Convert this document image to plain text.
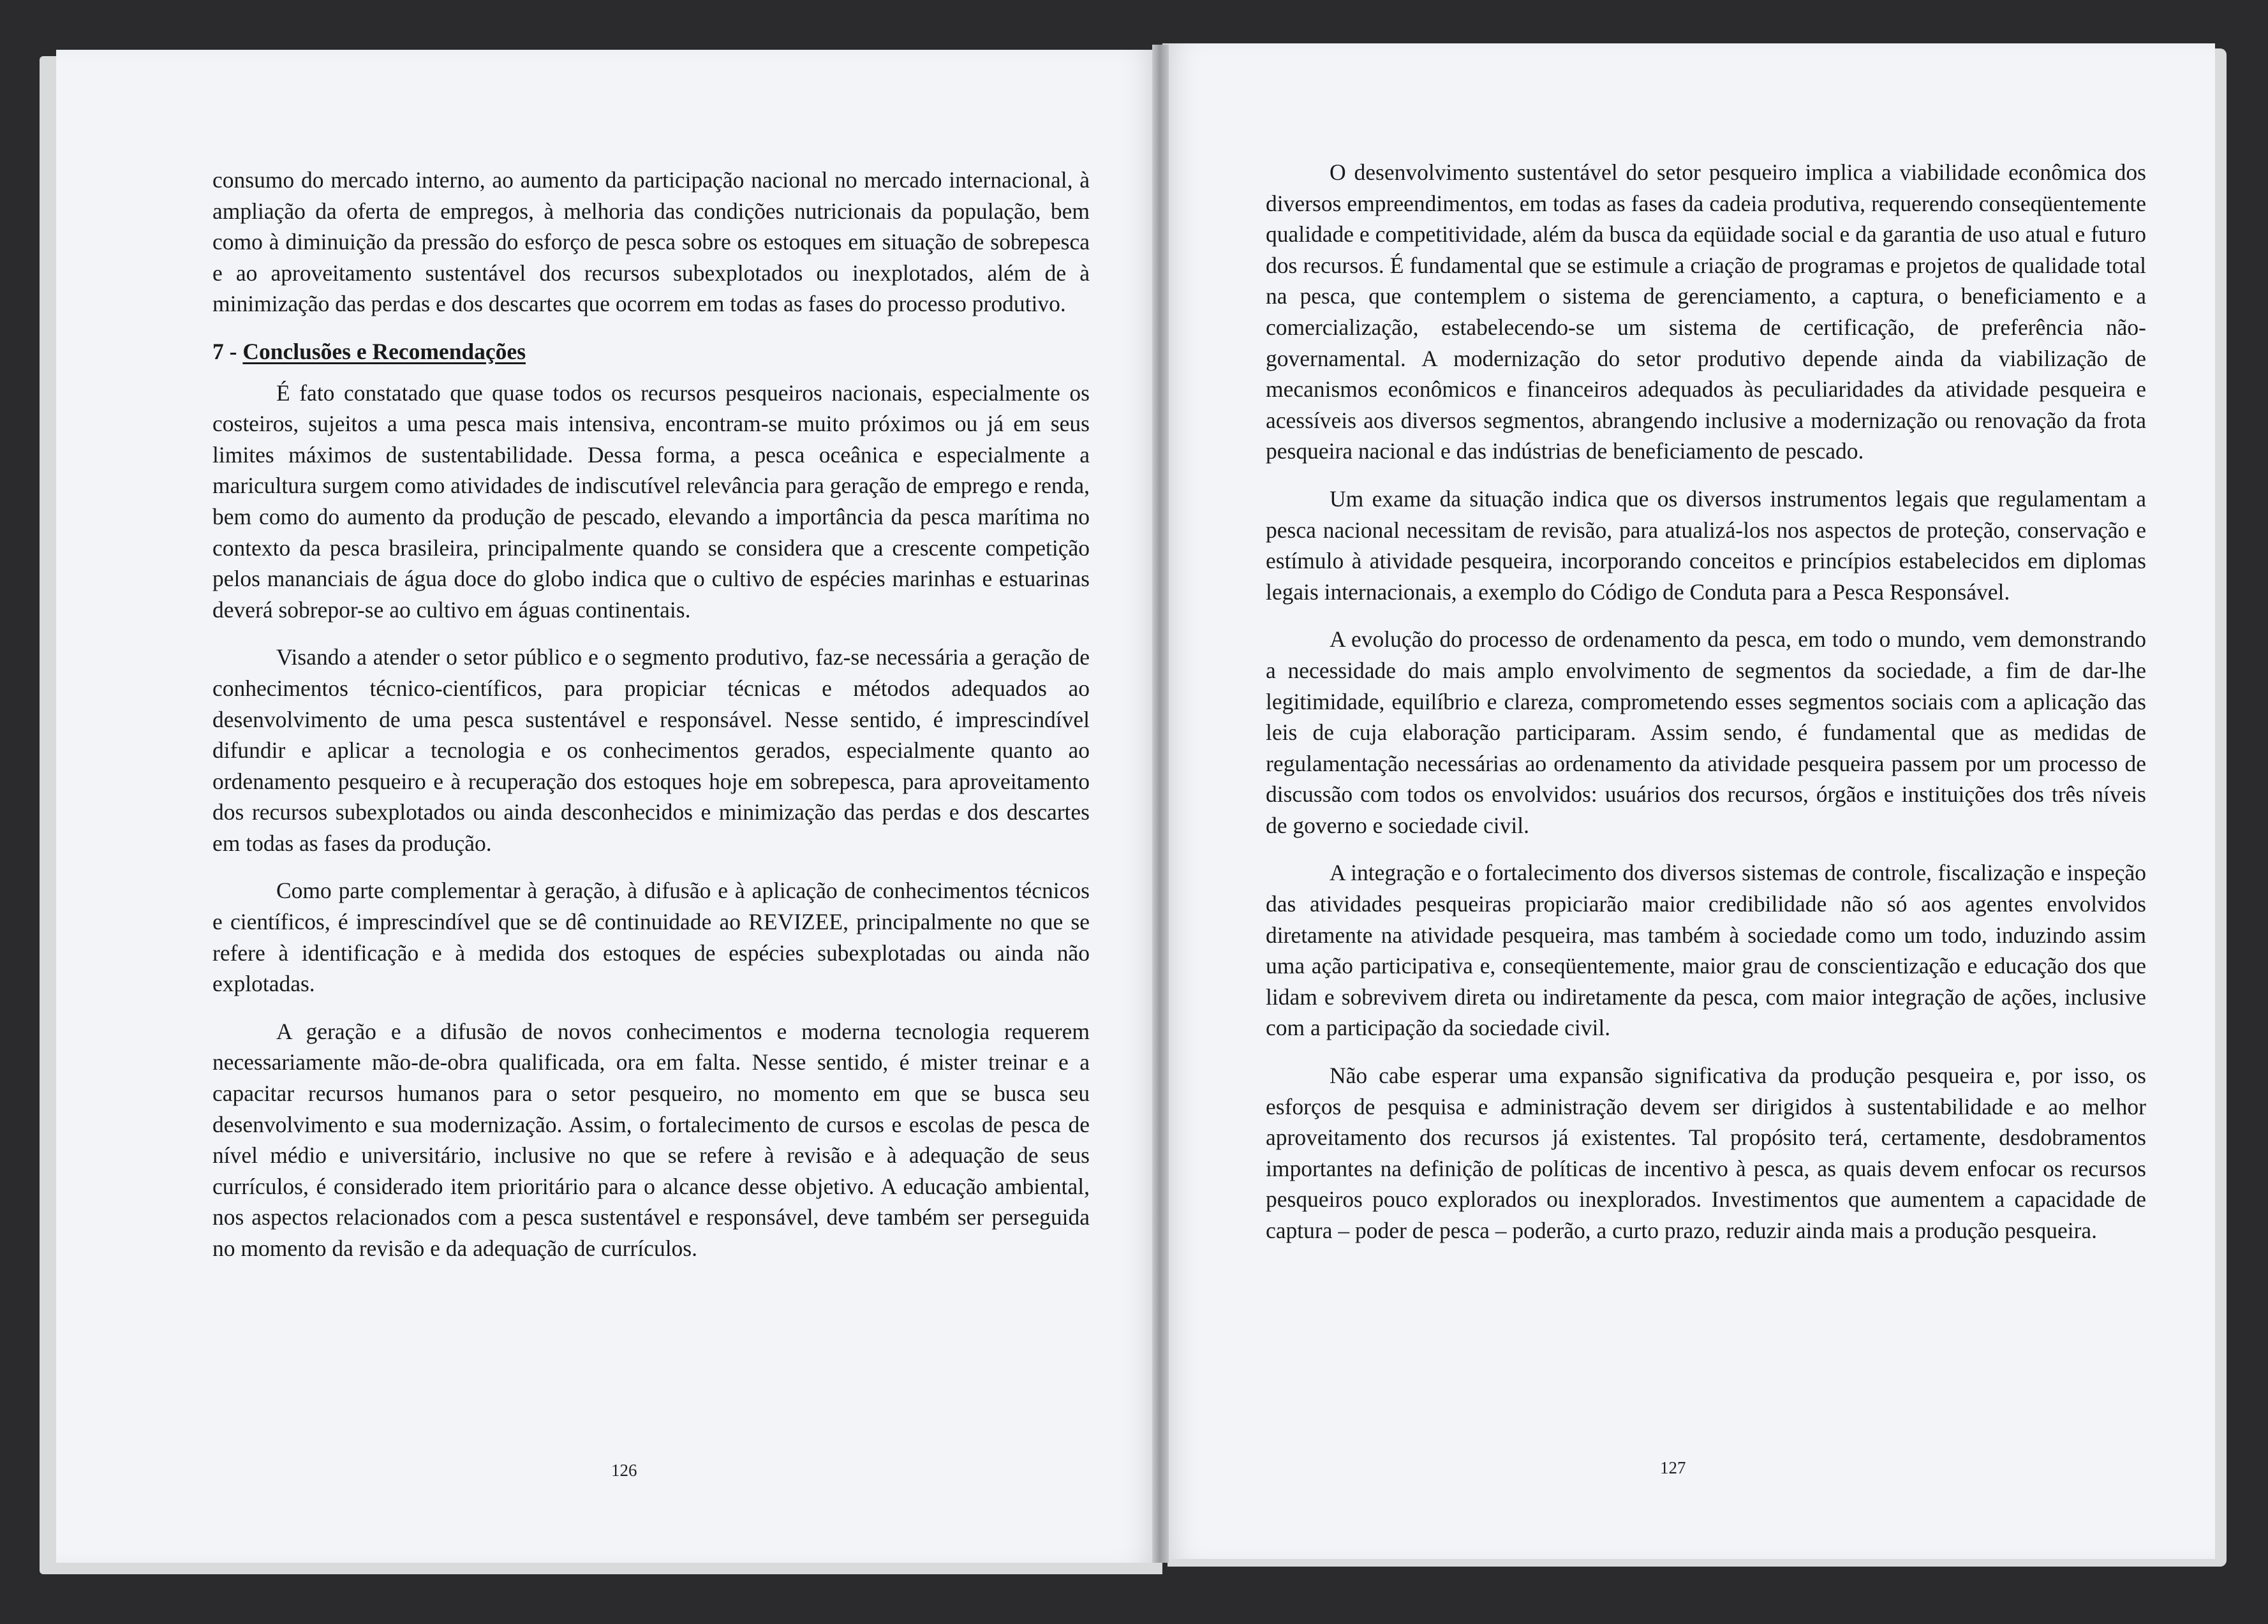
consumo do mercado interno, ao aumento da participação nacional no mercado internacional, à ampliação da oferta de empregos, à melhoria das condições nutricionais da população, bem como à diminuição da pressão do esforço de pesca sobre os estoques em situação de sobrepesca e ao aproveitamento sustentável dos recursos subexplotados ou inexplotados, além de à minimização das perdas e dos descartes que ocorrem em todas as fases do processo produtivo.

7 - Conclusões e Recomendações

É fato constatado que quase todos os recursos pesqueiros nacionais, especialmente os costeiros, sujeitos a uma pesca mais intensiva, encontram-se muito próximos ou já em seus limites máximos de sustentabilidade. Dessa forma, a pesca oceânica e especialmente a maricultura surgem como atividades de indiscutível relevância para geração de emprego e renda, bem como do aumento da produção de pescado, elevando a importância da pesca marítima no contexto da pesca brasileira, principalmente quando se considera que a crescente competição pelos mananciais de água doce do globo indica que o cultivo de espécies marinhas e estuarinas deverá sobrepor-se ao cultivo em águas continentais.

Visando a atender o setor público e o segmento produtivo, faz-se necessária a geração de conhecimentos técnico-científicos, para propiciar técnicas e métodos adequados ao desenvolvimento de uma pesca sustentável e responsável. Nesse sentido, é imprescindível difundir e aplicar a tecnologia e os conhecimentos gerados, especialmente quanto ao ordenamento pesqueiro e à recuperação dos estoques hoje em sobrepesca, para aproveitamento dos recursos subexplotados ou ainda desconhecidos e minimização das perdas e dos descartes em todas as fases da produção.

Como parte complementar à geração, à difusão e à aplicação de conhecimentos técnicos e científicos, é imprescindível que se dê continuidade ao REVIZEE, principalmente no que se refere à identificação e à medida dos estoques de espécies subexplotadas ou ainda não explotadas.

A geração e a difusão de novos conhecimentos e moderna tecnologia requerem necessariamente mão-de-obra qualificada, ora em falta. Nesse sentido, é mister treinar e a capacitar recursos humanos para o setor pesqueiro, no momento em que se busca seu desenvolvimento e sua modernização. Assim, o fortalecimento de cursos e escolas de pesca de nível médio e universitário, inclusive no que se refere à revisão e à adequação de seus currículos, é considerado item prioritário para o alcance desse objetivo. A educação ambiental, nos aspectos relacionados com a pesca sustentável e responsável, deve também ser perseguida no momento da revisão e da adequação de currículos.

126

O desenvolvimento sustentável do setor pesqueiro implica a viabilidade econômica dos diversos empreendimentos, em todas as fases da cadeia produtiva, requerendo conseqüentemente qualidade e competitividade, além da busca da eqüidade social e da garantia de uso atual e futuro dos recursos. É fundamental que se estimule a criação de programas e projetos de qualidade total na pesca, que contemplem o sistema de gerenciamento, a captura, o beneficiamento e a comercialização, estabelecendo-se um sistema de certificação, de preferência não-governamental. A modernização do setor produtivo depende ainda da viabilização de mecanismos econômicos e financeiros adequados às peculiaridades da atividade pesqueira e acessíveis aos diversos segmentos, abrangendo inclusive a modernização ou renovação da frota pesqueira nacional e das indústrias de beneficiamento de pescado.

Um exame da situação indica que os diversos instrumentos legais que regulamentam a pesca nacional necessitam de revisão, para atualizá-los nos aspectos de proteção, conservação e estímulo à atividade pesqueira, incorporando conceitos e princípios estabelecidos em diplomas legais internacionais, a exemplo do Código de Conduta para a Pesca Responsável.

A evolução do processo de ordenamento da pesca, em todo o mundo, vem demonstrando a necessidade do mais amplo envolvimento de segmentos da sociedade, a fim de dar-lhe legitimidade, equilíbrio e clareza, comprometendo esses segmentos sociais com a aplicação das leis de cuja elaboração participaram. Assim sendo, é fundamental que as medidas de regulamentação necessárias ao ordenamento da atividade pesqueira passem por um processo de discussão com todos os envolvidos: usuários dos recursos, órgãos e instituições dos três níveis de governo e sociedade civil.

A integração e o fortalecimento dos diversos sistemas de controle, fiscalização e inspeção das atividades pesqueiras propiciarão maior credibilidade não só aos agentes envolvidos diretamente na atividade pesqueira, mas também à sociedade como um todo, induzindo assim uma ação participativa e, conseqüentemente, maior grau de conscientização e educação dos que lidam e sobrevivem direta ou indiretamente da pesca, com maior integração de ações, inclusive com a participação da sociedade civil.

Não cabe esperar uma expansão significativa da produção pesqueira e, por isso, os esforços de pesquisa e administração devem ser dirigidos à sustentabilidade e ao melhor aproveitamento dos recursos já existentes. Tal propósito terá, certamente, desdobramentos importantes na definição de políticas de incentivo à pesca, as quais devem enfocar os recursos pesqueiros pouco explorados ou inexplorados. Investimentos que aumentem a capacidade de captura – poder de pesca – poderão, a curto prazo, reduzir ainda mais a produção pesqueira.

127
